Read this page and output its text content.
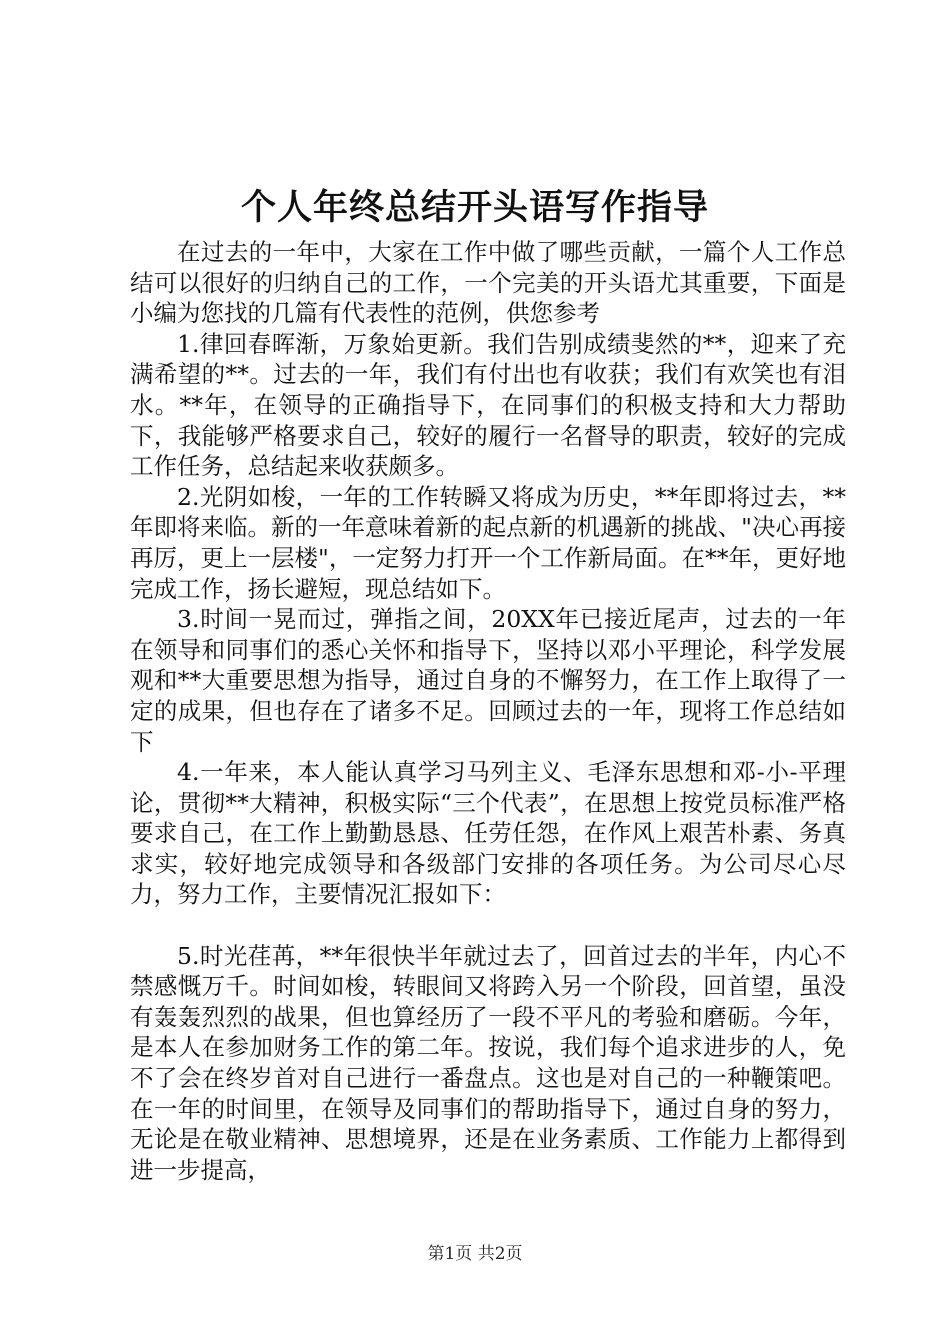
个人年终总结开头语写作指导

在过去的一年中，大家在工作中做了哪些贡献，一篇个人工作总结可以很好的归纳自己的工作，一个完美的开头语尤其重要，下面是小编为您找的几篇有代表性的范例，供您参考

1.律回春晖渐，万象始更新。我们告别成绩斐然的**，迎来了充满希望的**。过去的一年，我们有付出也有收获；我们有欢笑也有泪水。**年，在领导的正确指导下，在同事们的积极支持和大力帮助下，我能够严格要求自己，较好的履行一名督导的职责，较好的完成工作任务，总结起来收获颇多。

2.光阴如梭，一年的工作转瞬又将成为历史，**年即将过去，**年即将来临。新的一年意味着新的起点新的机遇新的挑战、"决心再接再厉，更上一层楼"，一定努力打开一个工作新局面。在**年，更好地完成工作，扬长避短，现总结如下。

3.时间一晃而过，弹指之间，20XX年已接近尾声，过去的一年在领导和同事们的悉心关怀和指导下，坚持以邓小平理论，科学发展观和**大重要思想为指导，通过自身的不懈努力，在工作上取得了一定的成果，但也存在了诸多不足。回顾过去的一年，现将工作总结如下

4.一年来，本人能认真学习马列主义、毛泽东思想和邓-小-平理论，贯彻**大精神，积极实际“三个代表”，在思想上按党员标准严格要求自己，在工作上勤勤恳恳、任劳任怨，在作风上艰苦朴素、务真求实，较好地完成领导和各级部门安排的各项任务。为公司尽心尽力，努力工作，主要情况汇报如下：

5.时光荏苒，**年很快半年就过去了，回首过去的半年，内心不禁感慨万千。时间如梭，转眼间又将跨入另一个阶段，回首望，虽没有轰轰烈烈的战果，但也算经历了一段不平凡的考验和磨砺。今年，是本人在参加财务工作的第二年。按说，我们每个追求进步的人，免不了会在终岁首对自己进行一番盘点。这也是对自己的一种鞭策吧。在一年的时间里，在领导及同事们的帮助指导下，通过自身的努力，无论是在敬业精神、思想境界，还是在业务素质、工作能力上都得到进一步提高，

第1页 共2页
